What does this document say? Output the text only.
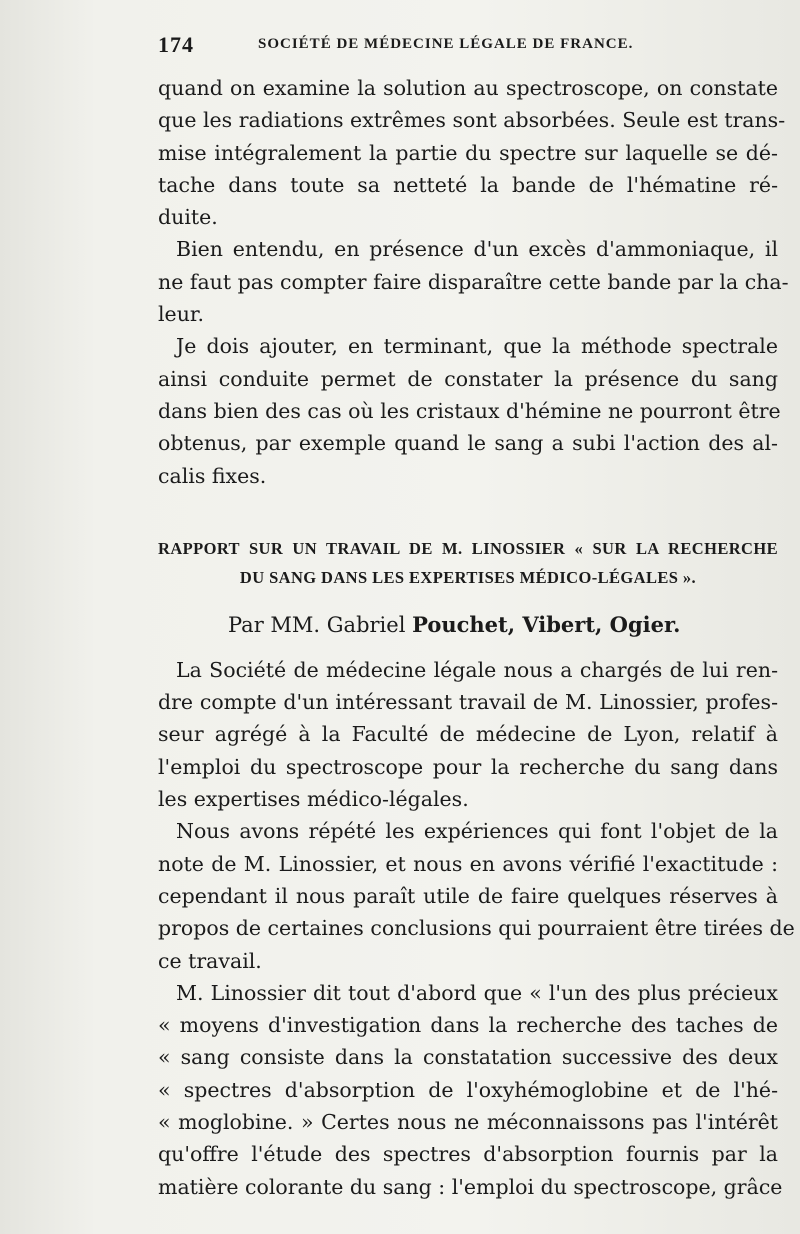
174	SOCIÉTÉ DE MÉDECINE LÉGALE DE FRANCE.
quand on examine la solution au spectroscope, on constate
que les radiations extrêmes sont absorbées. Seule est trans-
mise intégralement la partie du spectre sur laquelle se dé-
tache dans toute sa netteté la bande de l'hématine ré-
duite.
Bien entendu, en présence d'un excès d'ammoniaque, il
ne faut pas compter faire disparaître cette bande par la cha-
leur.
Je dois ajouter, en terminant, que la méthode spectrale
ainsi conduite permet de constater la présence du sang
dans bien des cas où les cristaux d'hémine ne pourront être
obtenus, par exemple quand le sang a subi l'action des al-
calis fixes.
RAPPORT SUR UN TRAVAIL DE M. LINOSSIER « SUR LA RECHERCHE
DU SANG DANS LES EXPERTISES MÉDICO-LÉGALES ».
Par MM. Gabriel Pouchet, Vibert, Ogier.
La Société de médecine légale nous a chargés de lui ren-
dre compte d'un intéressant travail de M. Linossier, profes-
seur agrégé à la Faculté de médecine de Lyon, relatif à
l'emploi du spectroscope pour la recherche du sang dans
les expertises médico-légales.
Nous avons répété les expériences qui font l'objet de la
note de M. Linossier, et nous en avons vérifié l'exactitude :
cependant il nous paraît utile de faire quelques réserves à
propos de certaines conclusions qui pourraient être tirées de
ce travail.
M. Linossier dit tout d'abord que « l'un des plus précieux
« moyens d'investigation dans la recherche des taches de
« sang consiste dans la constatation successive des deux
« spectres d'absorption de l'oxyhémoglobine et de l'hé-
« moglobine. » Certes nous ne méconnaissons pas l'intérêt
qu'offre l'étude des spectres d'absorption fournis par la
matière colorante du sang : l'emploi du spectroscope, grâce
